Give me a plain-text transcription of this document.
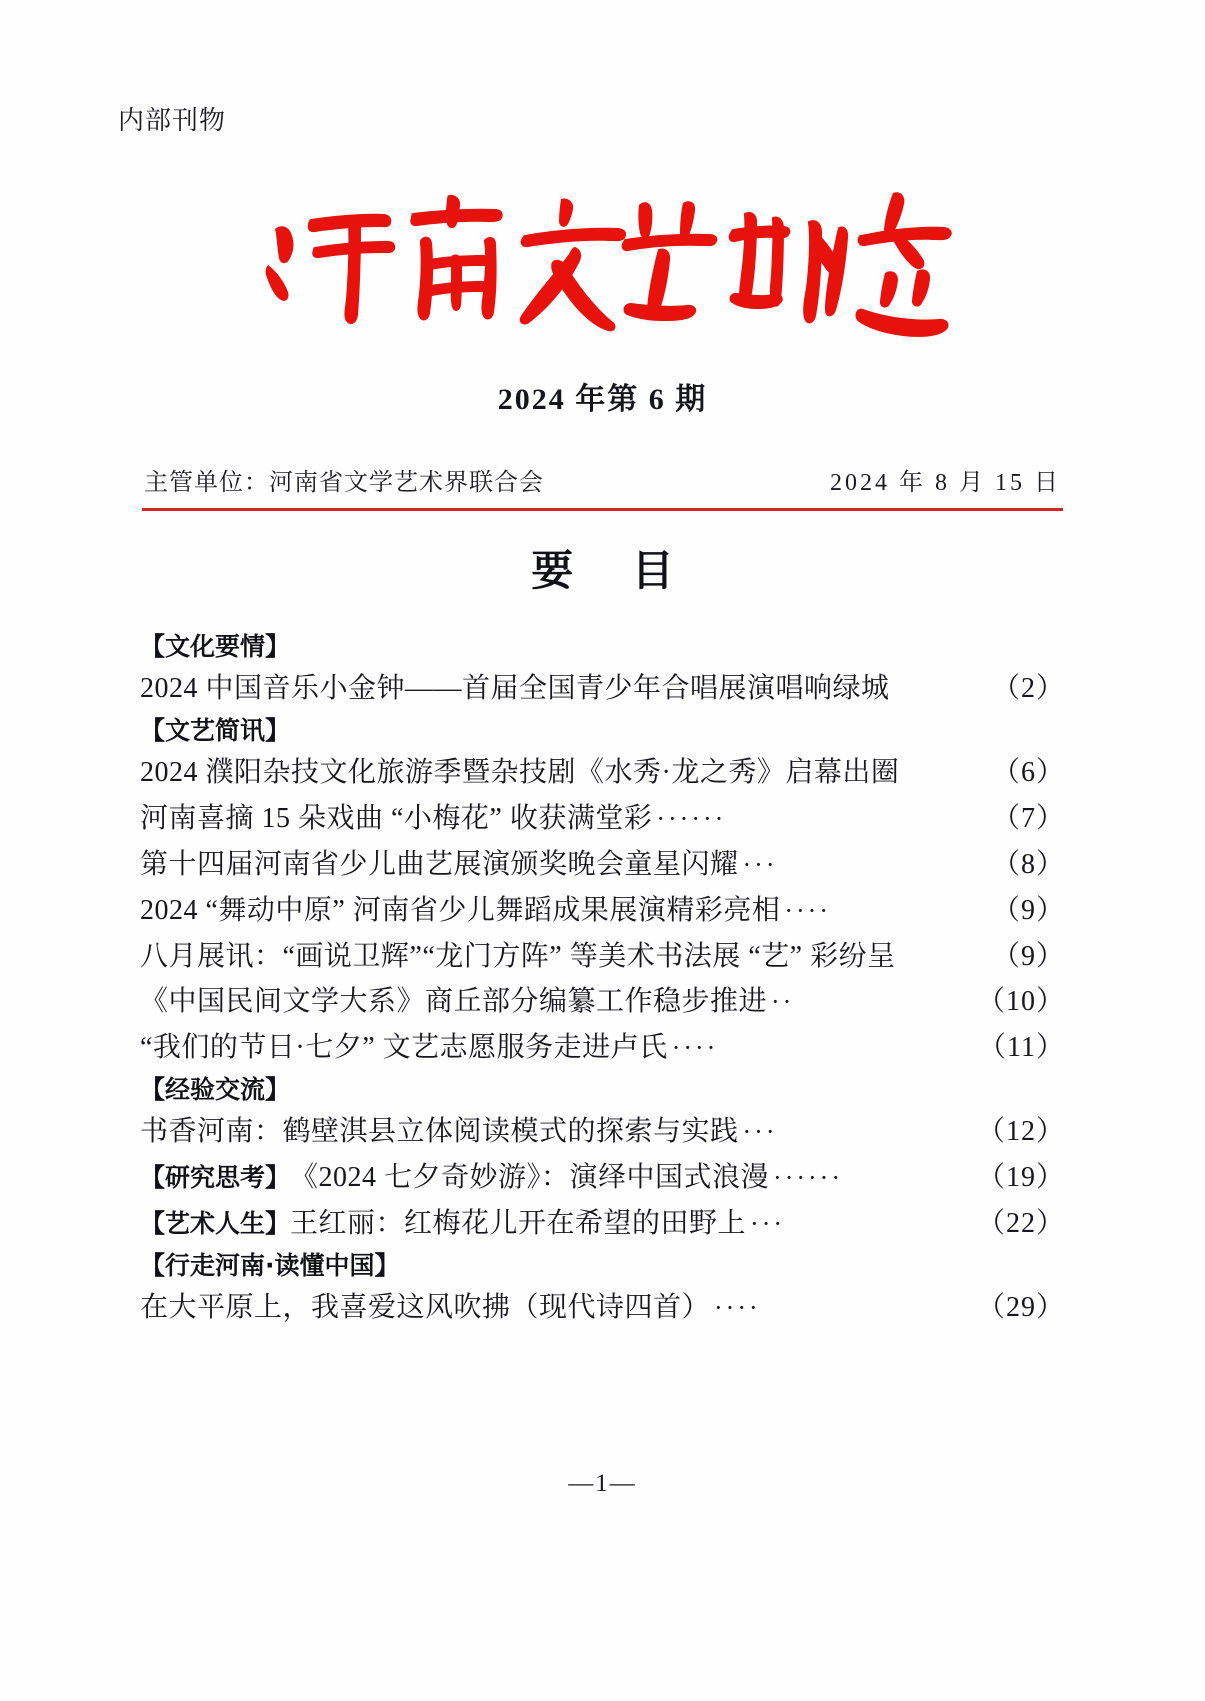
内部刊物
2024 年第 6 期
主管单位：河南省文学艺术界联合会	2024 年 8 月 15 日
要 目
【文化要情】
2024 中国音乐小金钟——首届全国青少年合唱展演唱响绿城	（2）
【文艺简讯】
2024 濮阳杂技文化旅游季暨杂技剧《水秀·龙之秀》启幕出圈	（6）
河南喜摘 15 朵戏曲 “小梅花” 收获满堂彩 ······	（7）
第十四届河南省少儿曲艺展演颁奖晚会童星闪耀 ···	（8）
2024 “舞动中原” 河南省少儿舞蹈成果展演精彩亮相 ····	（9）
八月展讯：“画说卫辉”“龙门方阵” 等美术书法展 “艺” 彩纷呈	（9）
《中国民间文学大系》商丘部分编纂工作稳步推进 ··	（10）
“我们的节日·七夕” 文艺志愿服务走进卢氏 ····	（11）
【经验交流】
书香河南：鹤壁淇县立体阅读模式的探索与实践 ···	（12）
【研究思考】 《2024 七夕奇妙游》：演绎中国式浪漫 ······	（19）
【艺术人生】 王红丽：红梅花儿开在希望的田野上 ···	（22）
【行走河南·读懂中国】
在大平原上，我喜爱这风吹拂（现代诗四首） ····	（29）
—1—
